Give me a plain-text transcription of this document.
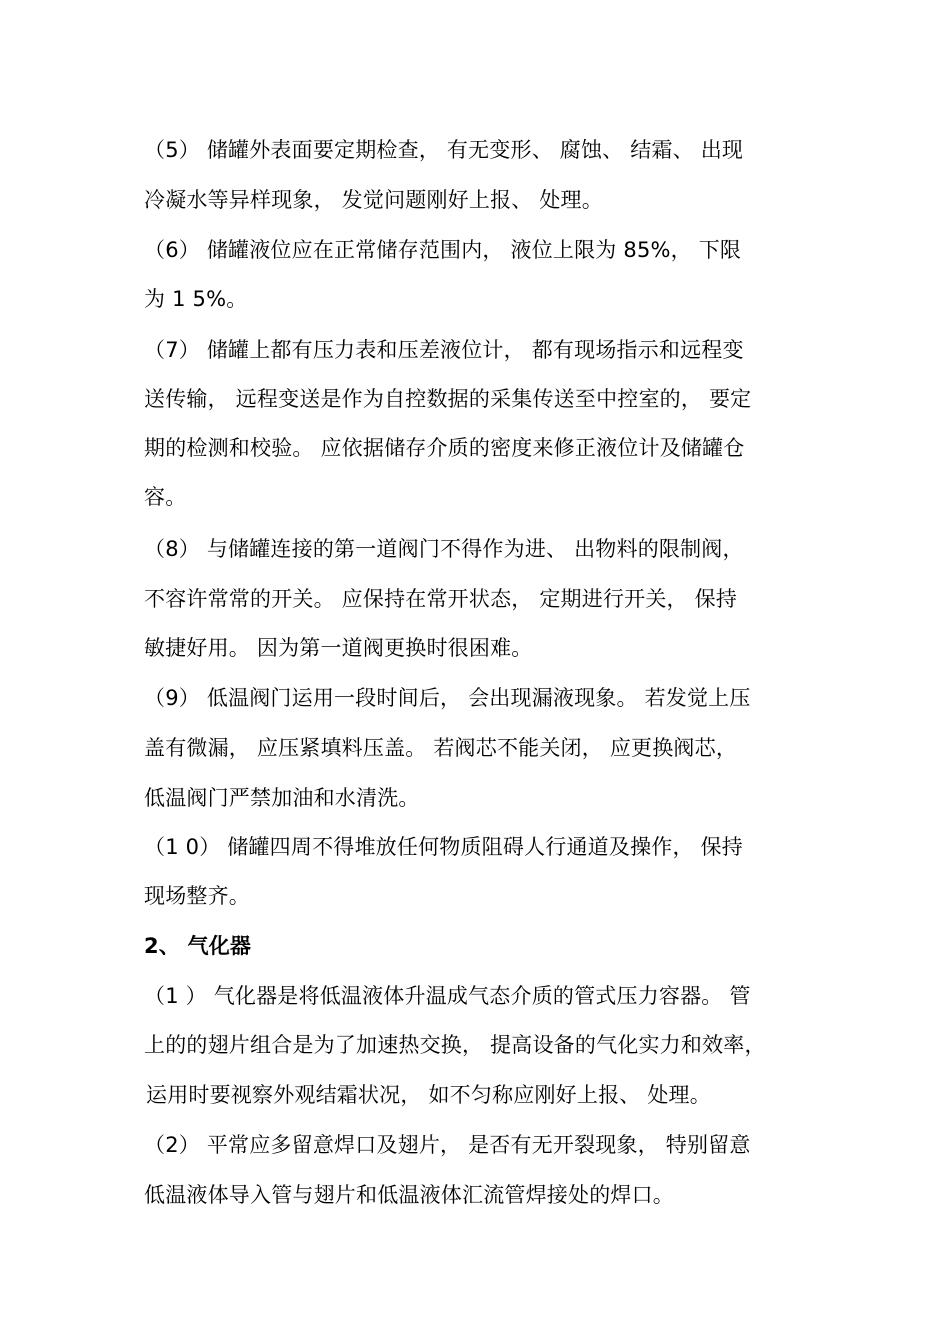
（5） 储罐外表面要定期检查， 有无变形、 腐蚀、 结霜、 出现
冷凝水等异样现象， 发觉问题刚好上报、 处理。
（6） 储罐液位应在正常储存范围内， 液位上限为 85%， 下限
为 1 5%。
（7） 储罐上都有压力表和压差液位计， 都有现场指示和远程变
送传输， 远程变送是作为自控数据的采集传送至中控室的， 要定
期的检测和校验。 应依据储存介质的密度来修正液位计及储罐仓
容。
（8） 与储罐连接的第一道阀门不得作为进、 出物料的限制阀，
不容许常常的开关。 应保持在常开状态， 定期进行开关， 保持
敏捷好用。 因为第一道阀更换时很困难。
（9） 低温阀门运用一段时间后， 会出现漏液现象。 若发觉上压
盖有微漏， 应压紧填料压盖。 若阀芯不能关闭， 应更换阀芯，
低温阀门严禁加油和水清洗。
（1 0） 储罐四周不得堆放任何物质阻碍人行通道及操作， 保持
现场整齐。
2、 气化器
（1 ） 气化器是将低温液体升温成气态介质的管式压力容器。 管
上的的翅片组合是为了加速热交换， 提高设备的气化实力和效率，
运用时要视察外观结霜状况， 如不匀称应刚好上报、 处理。
（2） 平常应多留意焊口及翅片， 是否有无开裂现象， 特别留意
低温液体导入管与翅片和低温液体汇流管焊接处的焊口。
